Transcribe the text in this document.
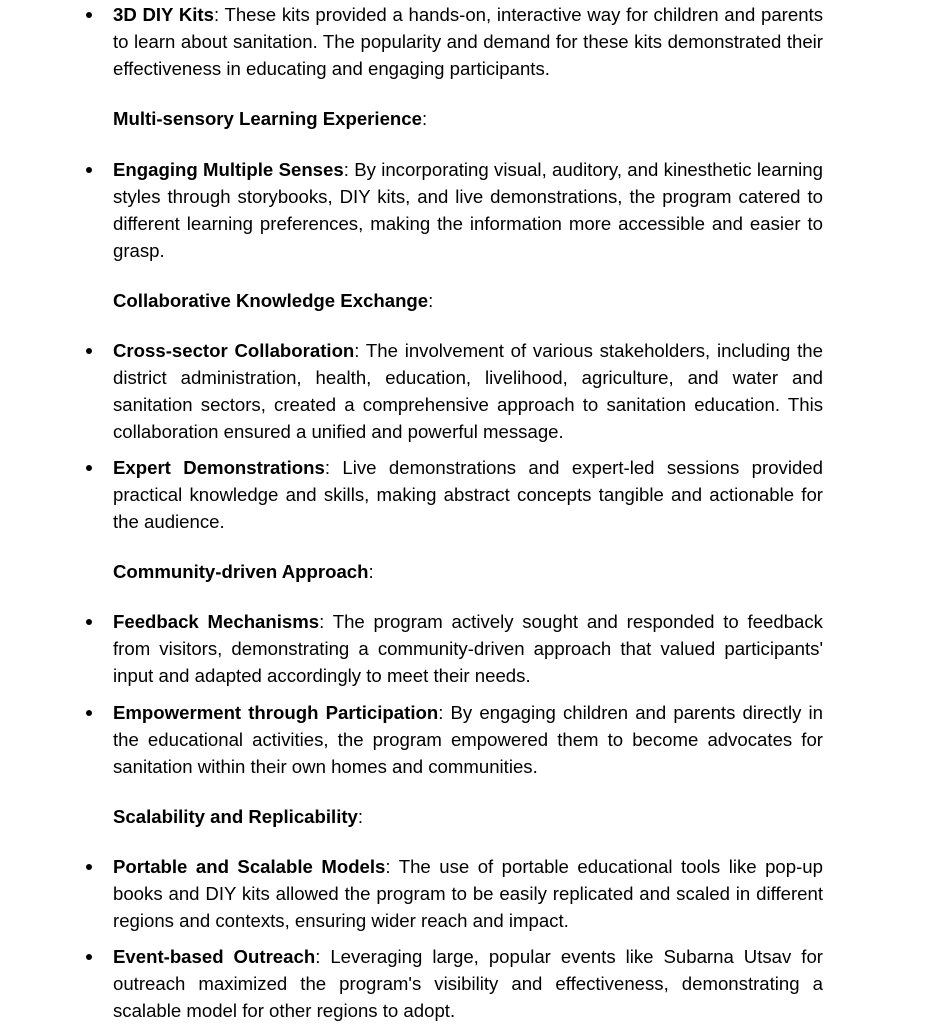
3D DIY Kits: These kits provided a hands-on, interactive way for children and parents to learn about sanitation. The popularity and demand for these kits demonstrated their effectiveness in educating and engaging participants.
Multi-sensory Learning Experience:
Engaging Multiple Senses: By incorporating visual, auditory, and kinesthetic learning styles through storybooks, DIY kits, and live demonstrations, the program catered to different learning preferences, making the information more accessible and easier to grasp.
Collaborative Knowledge Exchange:
Cross-sector Collaboration: The involvement of various stakeholders, including the district administration, health, education, livelihood, agriculture, and water and sanitation sectors, created a comprehensive approach to sanitation education. This collaboration ensured a unified and powerful message.
Expert Demonstrations: Live demonstrations and expert-led sessions provided practical knowledge and skills, making abstract concepts tangible and actionable for the audience.
Community-driven Approach:
Feedback Mechanisms: The program actively sought and responded to feedback from visitors, demonstrating a community-driven approach that valued participants' input and adapted accordingly to meet their needs.
Empowerment through Participation: By engaging children and parents directly in the educational activities, the program empowered them to become advocates for sanitation within their own homes and communities.
Scalability and Replicability:
Portable and Scalable Models: The use of portable educational tools like pop-up books and DIY kits allowed the program to be easily replicated and scaled in different regions and contexts, ensuring wider reach and impact.
Event-based Outreach: Leveraging large, popular events like Subarna Utsav for outreach maximized the program's visibility and effectiveness, demonstrating a scalable model for other regions to adopt.
